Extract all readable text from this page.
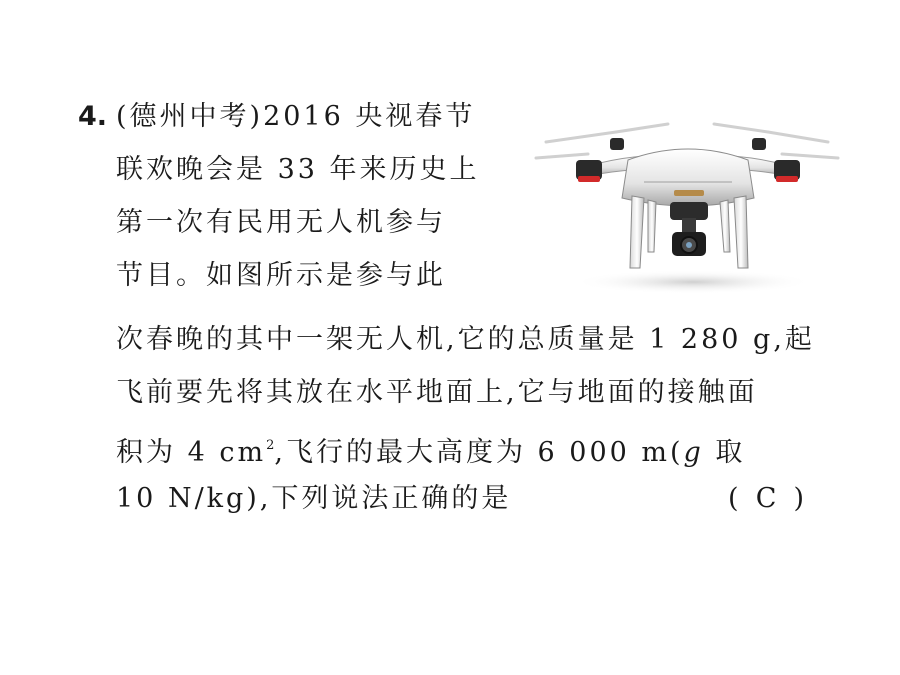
4. (德州中考)2016 央视春节
联欢晚会是 33 年来历史上
第一次有民用无人机参与
节目。如图所示是参与此
次春晚的其中一架无人机,它的总质量是 1 280 g,起
飞前要先将其放在水平地面上,它与地面的接触面
积为 4 $cm^2$,飞行的最大高度为 6 000 m(g 取
10 N/kg),下列说法正确的是	(  C  )
